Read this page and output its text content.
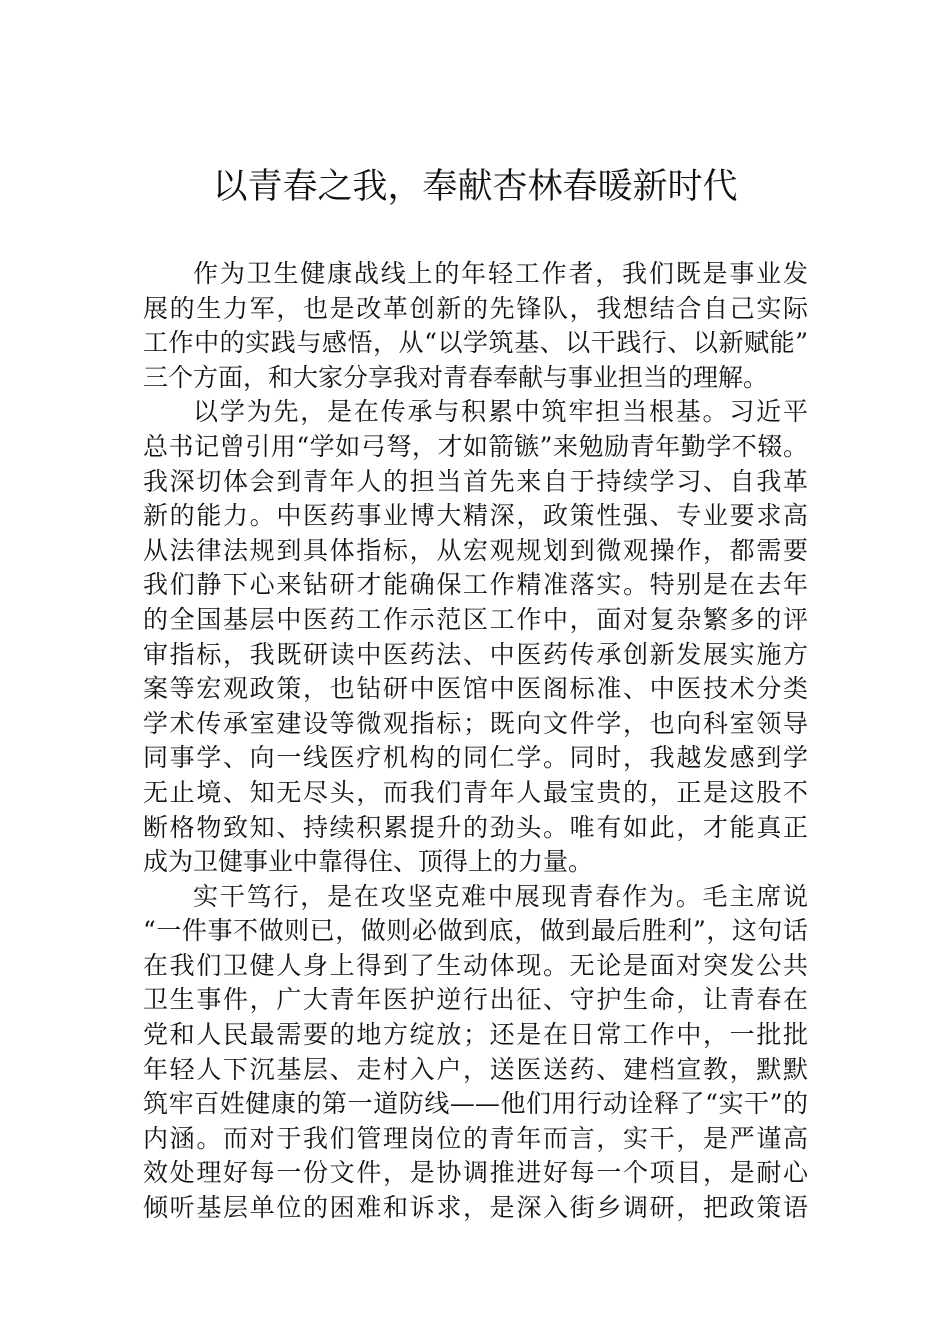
以青春之我，奉献杏林春暖新时代
作为卫生健康战线上的年轻工作者，我们既是事业发
展的生力军，也是改革创新的先锋队，我想结合自己实际
工作中的实践与感悟，从“以学筑基、以干践行、以新赋能”
三个方面，和大家分享我对青春奉献与事业担当的理解。
以学为先，是在传承与积累中筑牢担当根基。习近平
总书记曾引用“学如弓弩，才如箭镞”来勉励青年勤学不辍。
我深切体会到青年人的担当首先来自于持续学习、自我革
新的能力。中医药事业博大精深，政策性强、专业要求高
从法律法规到具体指标，从宏观规划到微观操作，都需要
我们静下心来钻研才能确保工作精准落实。特别是在去年
的全国基层中医药工作示范区工作中，面对复杂繁多的评
审指标，我既研读中医药法、中医药传承创新发展实施方
案等宏观政策，也钻研中医馆中医阁标准、中医技术分类
学术传承室建设等微观指标；既向文件学，也向科室领导
同事学、向一线医疗机构的同仁学。同时，我越发感到学
无止境、知无尽头，而我们青年人最宝贵的，正是这股不
断格物致知、持续积累提升的劲头。唯有如此，才能真正
成为卫健事业中靠得住、顶得上的力量。
实干笃行，是在攻坚克难中展现青春作为。毛主席说
“一件事不做则已，做则必做到底，做到最后胜利”，这句话
在我们卫健人身上得到了生动体现。无论是面对突发公共
卫生事件，广大青年医护逆行出征、守护生命，让青春在
党和人民最需要的地方绽放；还是在日常工作中，一批批
年轻人下沉基层、走村入户，送医送药、建档宣教，默默
筑牢百姓健康的第一道防线——他们用行动诠释了“实干”的
内涵。而对于我们管理岗位的青年而言，实干，是严谨高
效处理好每一份文件，是协调推进好每一个项目，是耐心
倾听基层单位的困难和诉求，是深入街乡调研，把政策语
